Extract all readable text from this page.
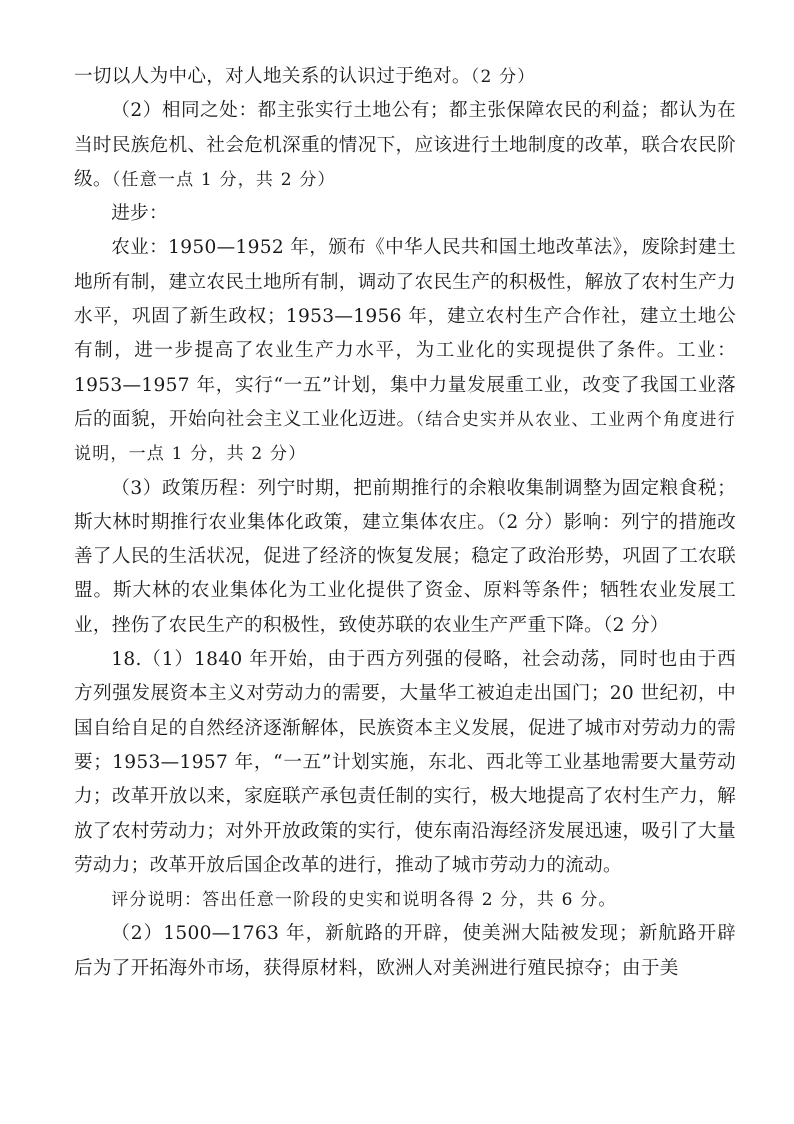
一切以人为中心，对人地关系的认识过于绝对。（2 分）

（2）相同之处：都主张实行土地公有；都主张保障农民的利益；都认为在当时民族危机、社会危机深重的情况下，应该进行土地制度的改革，联合农民阶级。（任意一点 1 分，共 2 分）

进步：

农业：1950—1952 年，颁布《中华人民共和国土地改革法》，废除封建土地所有制，建立农民土地所有制，调动了农民生产的积极性，解放了农村生产力水平，巩固了新生政权；1953—1956 年，建立农村生产合作社，建立土地公有制，进一步提高了农业生产力水平，为工业化的实现提供了条件。工业：1953—1957 年，实行“一五”计划，集中力量发展重工业，改变了我国工业落后的面貌，开始向社会主义工业化迈进。（结合史实并从农业、工业两个角度进行说明，一点 1 分，共 2 分）

（3）政策历程：列宁时期，把前期推行的余粮收集制调整为固定粮食税；斯大林时期推行农业集体化政策，建立集体农庄。（2 分）影响：列宁的措施改善了人民的生活状况，促进了经济的恢复发展；稳定了政治形势，巩固了工农联盟。斯大林的农业集体化为工业化提供了资金、原料等条件；牺牲农业发展工业，挫伤了农民生产的积极性，致使苏联的农业生产严重下降。（2 分）

18.（1）1840 年开始，由于西方列强的侵略，社会动荡，同时也由于西方列强发展资本主义对劳动力的需要，大量华工被迫走出国门；20 世纪初，中国自给自足的自然经济逐渐解体，民族资本主义发展，促进了城市对劳动力的需要；1953—1957 年，“一五”计划实施，东北、西北等工业基地需要大量劳动力；改革开放以来，家庭联产承包责任制的实行，极大地提高了农村生产力，解放了农村劳动力；对外开放政策的实行，使东南沿海经济发展迅速，吸引了大量劳动力；改革开放后国企改革的进行，推动了城市劳动力的流动。

评分说明：答出任意一阶段的史实和说明各得 2 分，共 6 分。

（2）1500—1763 年，新航路的开辟，使美洲大陆被发现；新航路开辟后为了开拓海外市场，获得原材料，欧洲人对美洲进行殖民掠夺；由于美
